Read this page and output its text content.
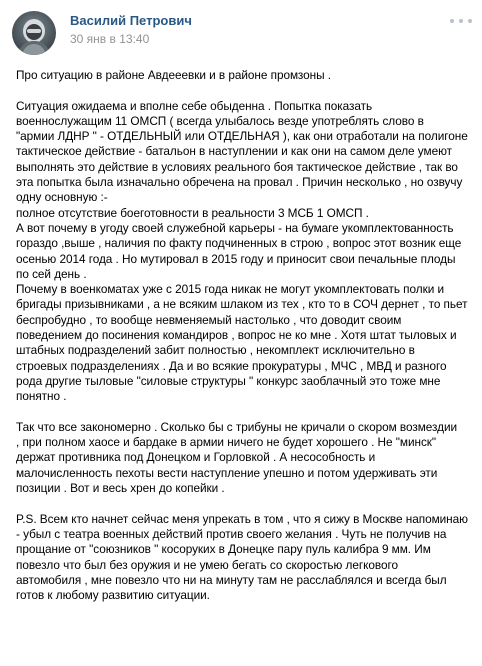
Василий Петрович
30 янв в 13:40

Про ситуацию в районе Авдееевки и в районе промзоны .

Ситуация ожидаема и вполне себе обыденна . Попытка показать

военнослужащим 11 ОМСП ( всегда улыбалось везде употреблять слово в

"армии ЛДНР " - ОТДЕЛЬНЫЙ или ОТДЕЛЬНАЯ ), как они отработали на полигоне

тактическое действие - батальон в наступлении и как они на самом деле умеют

выполнять это действие в условиях реального боя тактическое действие , так во

эта попытка была изначально обречена на провал . Причин несколько , но озвучу

одну основную :-

полное отсутствие боеготовности в реальности 3 МСБ 1 ОМСП .

А вот почему в угоду своей служебной карьеры - на бумаге укомплектованность

гораздо ,выше , наличия по факту подчиненных в строю , вопрос этот возник еще

осенью 2014 года . Но мутировал в 2015 году и приносит свои печальные плоды

по сей день .

Почему в военкоматах уже с 2015 года никак не могут укомплектовать полки и

бригады призывниками , а не всяким шлаком из тех , кто то в СОЧ дернет , то пьет

беспробудно , то вообще невменяемый настолько , что доводит своим

поведением до посинения командиров , вопрос не ко мне . Хотя штат тыловых и

штабных подразделений забит полностью , некомплект исключительно в

строевых подразделениях . Да и во всякие прокуратуры , МЧС , МВД и разного

рода другие тыловые "силовые структуры " конкурс заоблачный это тоже мне

понятно .

Так что все закономерно . Сколько бы с трибуны не кричали о скором возмездии

, при полном хаосе и бардаке в армии ничего не будет хорошего . Не "минск"

держат противника под Донецком и Горловкой . А несособность и

малочисленность пехоты вести наступление упешно и потом удерживать эти

позиции . Вот и весь хрен до копейки .

P.S. Всем кто начнет сейчас меня упрекать в том , что я сижу в Москве напоминаю

- убыл с театра военных действий против своего желания . Чуть не получив на

прощание от "союзников " косоруких в Донецке пару пуль калибра 9 мм. Им

повезло что был без оружия и не умею бегать со скоростью легкового

автомобиля , мне повезло что ни на минуту там не расслаблялся и всегда был

готов к любому развитию ситуации.
